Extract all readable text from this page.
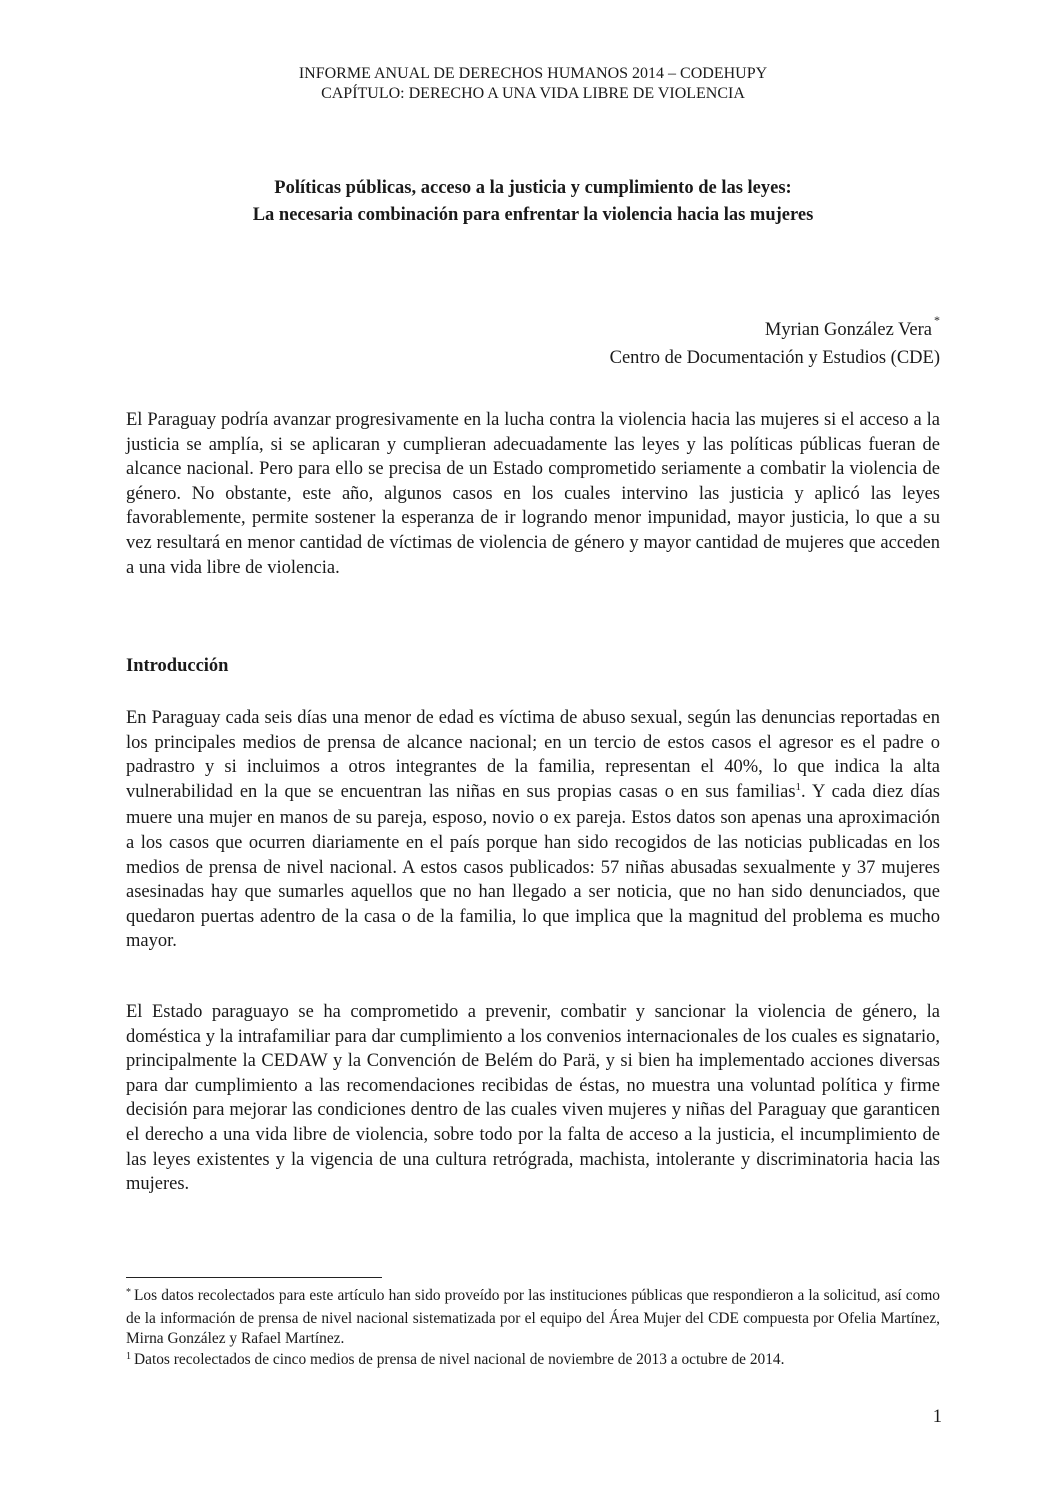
INFORME ANUAL DE DERECHOS HUMANOS 2014 – CODEHUPY
CAPÍTULO: DERECHO A UNA VIDA LIBRE DE VIOLENCIA
Políticas públicas, acceso a la justicia y cumplimiento de las leyes:
La necesaria combinación para enfrentar la violencia hacia las mujeres
Myrian González Vera*
Centro de Documentación y Estudios (CDE)

El Paraguay podría avanzar progresivamente en la lucha contra la violencia hacia las mujeres si el acceso a la justicia se amplía, si se aplicaran y cumplieran adecuadamente las leyes y las políticas públicas fueran de alcance nacional. Pero para ello se precisa de un Estado comprometido seriamente a combatir la violencia de género. No obstante, este año, algunos casos en los cuales intervino las justicia y aplicó las leyes favorablemente, permite sostener la esperanza de ir logrando menor impunidad, mayor justicia, lo que a su vez resultará en menor cantidad de víctimas de violencia de género y mayor cantidad de mujeres que acceden a una vida libre de violencia.

Introducción

En Paraguay cada seis días una menor de edad es víctima de abuso sexual, según las denuncias reportadas en los principales medios de prensa de alcance nacional; en un tercio de estos casos el agresor es el padre o padrastro y si incluimos a otros integrantes de la familia, representan el 40%, lo que indica la alta vulnerabilidad en la que se encuentran las niñas en sus propias casas o en sus familias$^1$. Y cada diez días muere una mujer en manos de su pareja, esposo, novio o ex pareja. Estos datos son apenas una aproximación a los casos que ocurren diariamente en el país porque han sido recogidos de las noticias publicadas en los medios de prensa de nivel nacional. A estos casos publicados: 57 niñas abusadas sexualmente y 37 mujeres asesinadas hay que sumarles aquellos que no han llegado a ser noticia, que no han sido denunciados, que quedaron puertas adentro de la casa o de la familia, lo que implica que la magnitud del problema es mucho mayor.

El Estado paraguayo se ha comprometido a prevenir, combatir y sancionar la violencia de género, la doméstica y la intrafamiliar para dar cumplimiento a los convenios internacionales de los cuales es signatario, principalmente la CEDAW y la Convención de Belém do Parä, y si bien ha implementado acciones diversas para dar cumplimiento a las recomendaciones recibidas de éstas, no muestra una voluntad política y firme decisión para mejorar las condiciones dentro de las cuales viven mujeres y niñas del Paraguay que garanticen el derecho a una vida libre de violencia, sobre todo por la falta de acceso a la justicia, el incumplimiento de las leyes existentes y la vigencia de una cultura retrógrada, machista, intolerante y discriminatoria hacia las mujeres.

* Los datos recolectados para este artículo han sido proveído por las instituciones públicas que respondieron a la solicitud, así como de la información de prensa de nivel nacional sistematizada por el equipo del Área Mujer del CDE compuesta por Ofelia Martínez, Mirna González y Rafael Martínez.

$^1$ Datos recolectados de cinco medios de prensa de nivel nacional de noviembre de 2013 a octubre de 2014.

1
